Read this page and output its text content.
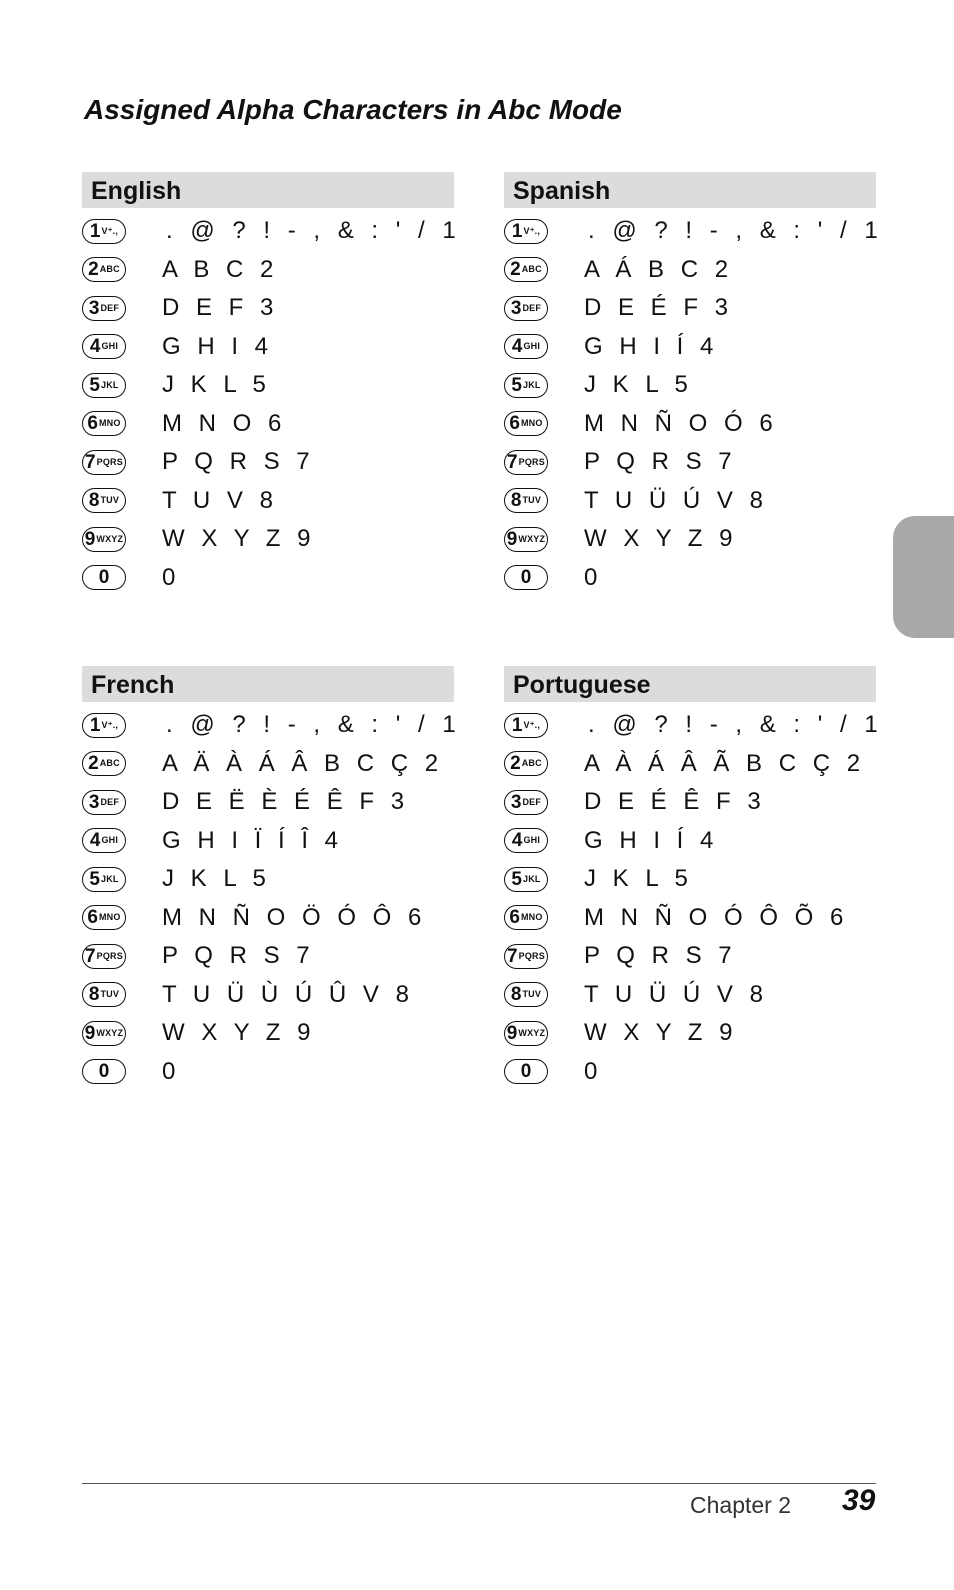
Assigned Alpha Characters in Abc Mode
English
1 V⁺., . @ ? ! - , & : ' / 1
2 ABC A B C 2
3 DEF D E F 3
4 GHI G H I 4
5 JKL J K L 5
6 MNO M N O 6
7 PQRS P Q R S 7
8 TUV T U V 8
9 WXYZ W X Y Z 9
0 0
Spanish
1 V⁺., . @ ? ! - , & : ' / 1
2 ABC A Á B C 2
3 DEF D E É F 3
4 GHI G H I Í 4
5 JKL J K L 5
6 MNO M N Ñ O Ó 6
7 PQRS P Q R S 7
8 TUV T U Ü Ú V 8
9 WXYZ W X Y Z 9
0 0
French
1 V⁺., . @ ? ! - , & : ' / 1
2 ABC A Ä À Á Â B C Ç 2
3 DEF D E Ë È É Ê F 3
4 GHI G H I Ï Í Î 4
5 JKL J K L 5
6 MNO M N Ñ O Ö Ó Ô 6
7 PQRS P Q R S 7
8 TUV T U Ü Ù Ú Û V 8
9 WXYZ W X Y Z 9
0 0
Portuguese
1 V⁺., . @ ? ! - , & : ' / 1
2 ABC A À Á Â Ã B C Ç 2
3 DEF D E É Ê F 3
4 GHI G H I Í 4
5 JKL J K L 5
6 MNO M N Ñ O Ó Ô Õ 6
7 PQRS P Q R S 7
8 TUV T U Ü Ú V 8
9 WXYZ W X Y Z 9
0 0
Chapter 2 39
